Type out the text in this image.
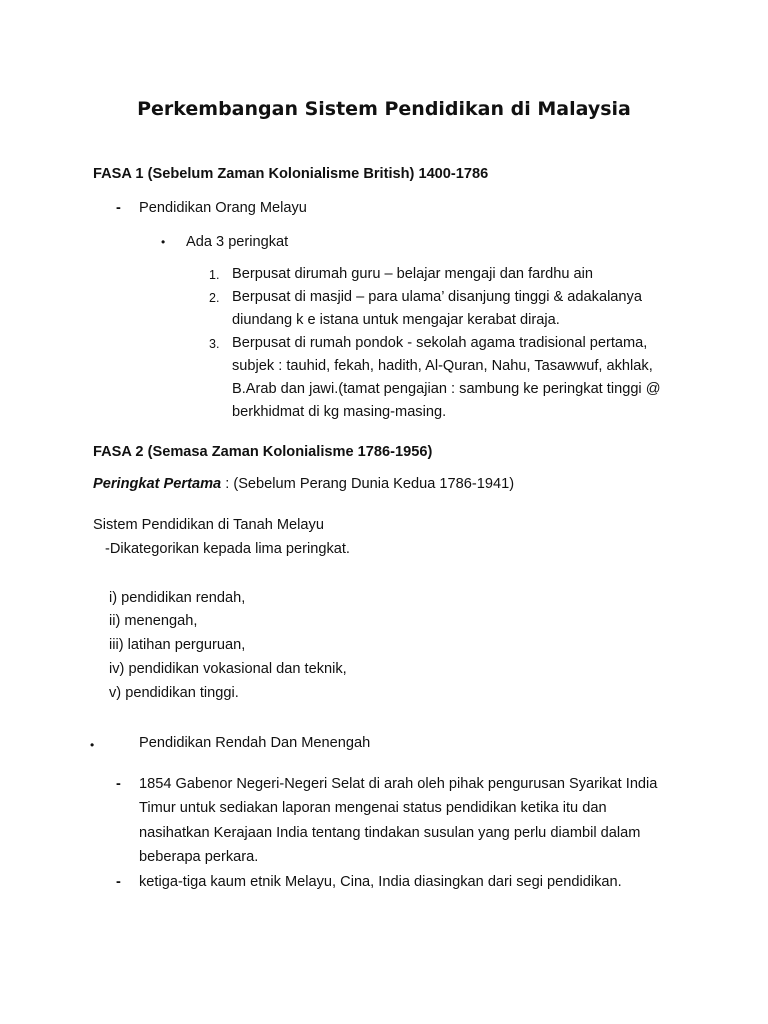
Perkembangan Sistem Pendidikan di Malaysia
FASA 1 (Sebelum Zaman Kolonialisme British) 1400-1786
- Pendidikan Orang Melayu
• Ada 3 peringkat
1. Berpusat dirumah guru – belajar mengaji dan fardhu ain
2. Berpusat di masjid – para ulama’ disanjung tinggi & adakalanya
diundang k e istana untuk mengajar kerabat diraja.
3. Berpusat di rumah pondok - sekolah agama tradisional pertama,
subjek : tauhid, fekah, hadith, Al-Quran, Nahu, Tasawwuf, akhlak,
B.Arab dan jawi.(tamat pengajian : sambung ke peringkat tinggi @
berkhidmat di kg masing-masing.
FASA 2 (Semasa Zaman Kolonialisme 1786-1956)
Peringkat Pertama : (Sebelum Perang Dunia Kedua 1786-1941)
Sistem Pendidikan di Tanah Melayu
-Dikategorikan kepada lima peringkat.
i) pendidikan rendah,
ii) menengah,
iii) latihan perguruan,
iv) pendidikan vokasional dan teknik,
v) pendidikan tinggi.
•	Pendidikan Rendah Dan Menengah
- 1854 Gabenor Negeri-Negeri Selat di arah oleh pihak pengurusan Syarikat India
Timur untuk sediakan laporan mengenai status pendidikan ketika itu dan
nasihatkan Kerajaan India tentang tindakan susulan yang perlu diambil dalam
beberapa perkara.
- ketiga-tiga kaum etnik Melayu, Cina, India diasingkan dari segi pendidikan.
